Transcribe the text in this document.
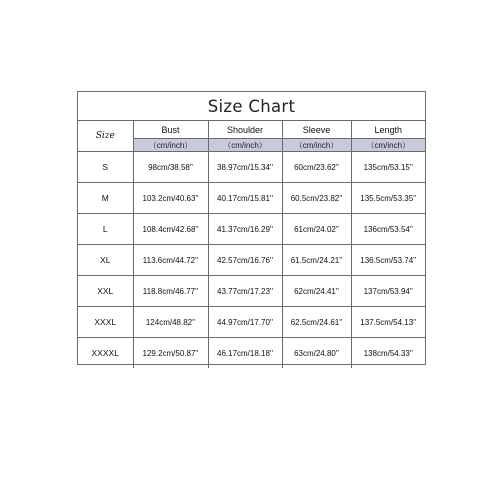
Size Chart
Size	Bust	Shoulder	Sleeve	Length
	（cm/inch）	（cm/inch）	（cm/inch）	（cm/inch）
S	98cm/38.58''	38.97cm/15.34''	60cm/23.62''	135cm/53.15''
M	103.2cm/40.63''	40.17cm/15.81''	60.5cm/23.82''	135.5cm/53.35''
L	108.4cm/42.68''	41.37cm/16.29''	61cm/24.02''	136cm/53.54''
XL	113.6cm/44.72''	42.57cm/16.76''	61.5cm/24.21''	136.5cm/53.74''
XXL	118.8cm/46.77''	43.77cm/17.23''	62cm/24.41''	137cm/53.94''
XXXL	124cm/48.82''	44.97cm/17.70''	62.5cm/24.61''	137.5cm/54.13''
XXXXL	129.2cm/50.87''	46.17cm/18.18''	63cm/24.80''	138cm/54.33''
